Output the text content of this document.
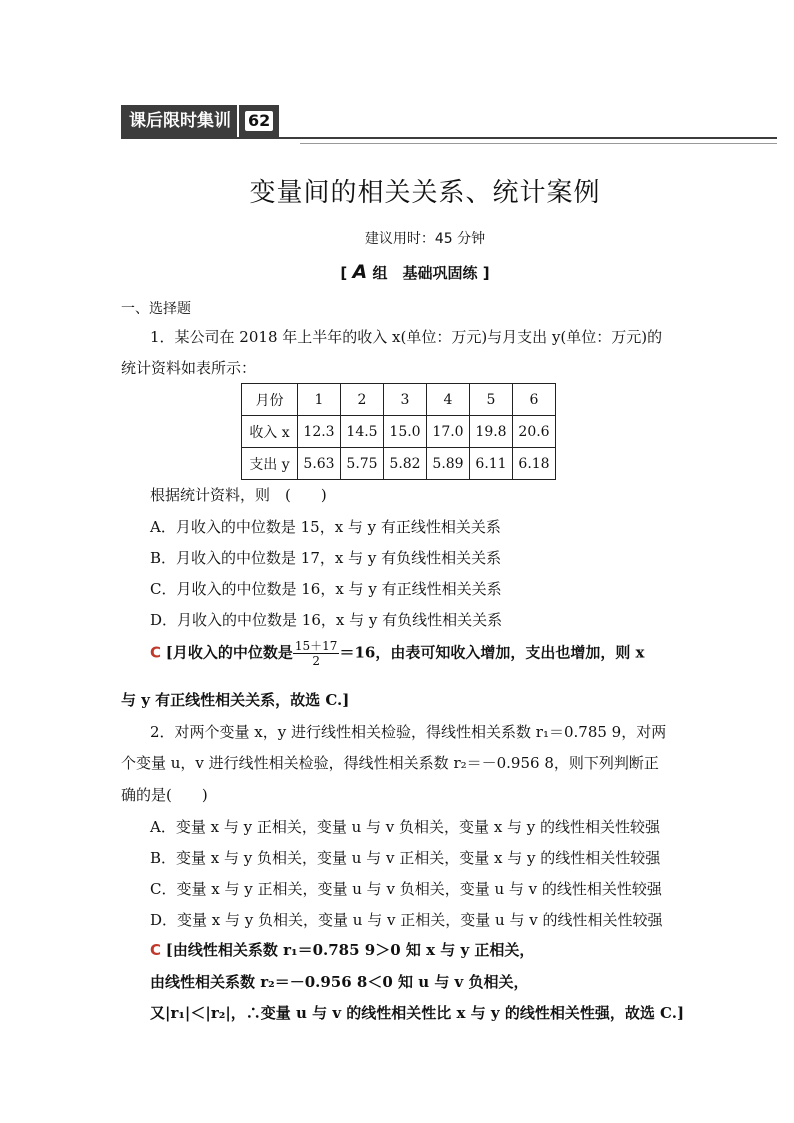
课后限时集训	62
变量间的相关关系、统计案例
建议用时：45 分钟
[ A 组　基础巩固练 ]
一、选择题
1．某公司在 2018 年上半年的收入 x(单位：万元)与月支出 y(单位：万元)的
统计资料如表所示：
月份	1	2	3	4	5	6
收入 x	12.3	14.5	15.0	17.0	19.8	20.6
支出 y	5.63	5.75	5.82	5.89	6.11	6.18
根据统计资料，则　(　　)
A．月收入的中位数是 15，x 与 y 有正线性相关关系
B．月收入的中位数是 17，x 与 y 有负线性相关关系
C．月收入的中位数是 16，x 与 y 有正线性相关关系
D．月收入的中位数是 16，x 与 y 有负线性相关关系
C [月收入的中位数是 $\frac{15+17}{2} =16$，由表可知收入增加，支出也增加，则 x
与 y 有正线性相关关系，故选 C.]
2．对两个变量 x，y 进行线性相关检验，得线性相关系数 r₁＝0.785 9，对两
个变量 u，v 进行线性相关检验，得线性相关系数 r₂＝－0.956 8，则下列判断正
确的是(　　)
A．变量 x 与 y 正相关，变量 u 与 v 负相关，变量 x 与 y 的线性相关性较强
B．变量 x 与 y 负相关，变量 u 与 v 正相关，变量 x 与 y 的线性相关性较强
C．变量 x 与 y 正相关，变量 u 与 v 负相关，变量 u 与 v 的线性相关性较强
D．变量 x 与 y 负相关，变量 u 与 v 正相关，变量 u 与 v 的线性相关性较强
C [由线性相关系数 r₁＝0.785 9＞0 知 x 与 y 正相关，
由线性相关系数 r₂＝－0.956 8＜0 知 u 与 v 负相关，
又|r₁|＜|r₂|，∴变量 u 与 v 的线性相关性比 x 与 y 的线性相关性强，故选 C.]
